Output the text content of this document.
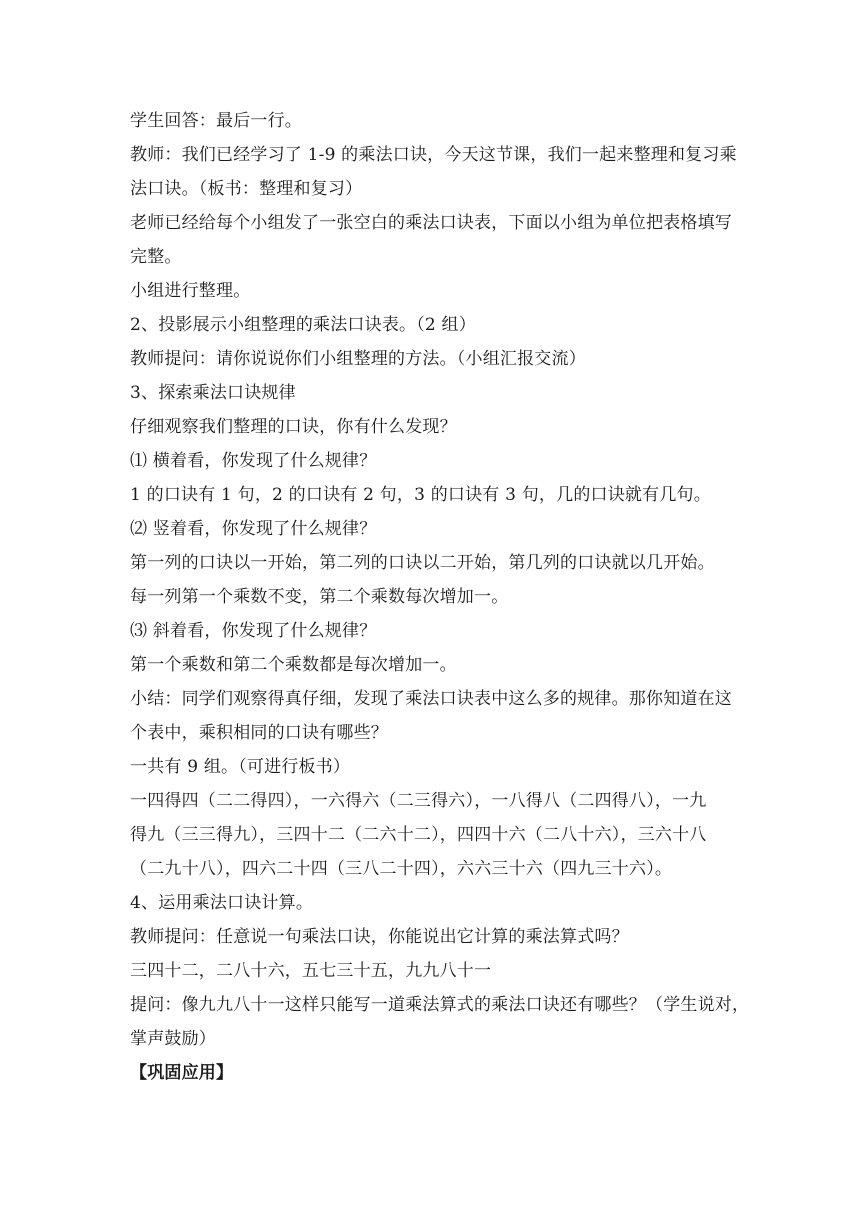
学生回答：最后一行。
教师：我们已经学习了 1-9 的乘法口诀，今天这节课，我们一起来整理和复习乘
法口诀。（板书：整理和复习）
老师已经给每个小组发了一张空白的乘法口诀表，下面以小组为单位把表格填写
完整。
小组进行整理。
2、投影展示小组整理的乘法口诀表。（2 组）
教师提问：请你说说你们小组整理的方法。（小组汇报交流）
3、探索乘法口诀规律
仔细观察我们整理的口诀，你有什么发现？
⑴ 横着看，你发现了什么规律？
1 的口诀有 1 句，2 的口诀有 2 句，3 的口诀有 3 句，几的口诀就有几句。
⑵ 竖着看，你发现了什么规律？
第一列的口诀以一开始，第二列的口诀以二开始，第几列的口诀就以几开始。
每一列第一个乘数不变，第二个乘数每次增加一。
⑶ 斜着看，你发现了什么规律？
第一个乘数和第二个乘数都是每次增加一。
小结：同学们观察得真仔细，发现了乘法口诀表中这么多的规律。那你知道在这
个表中，乘积相同的口诀有哪些？
一共有 9 组。（可进行板书）
一四得四（二二得四），一六得六（二三得六），一八得八（二四得八），一九
得九（三三得九），三四十二（二六十二），四四十六（二八十六），三六十八
（二九十八），四六二十四（三八二十四），六六三十六（四九三十六）。
4、运用乘法口诀计算。
教师提问：任意说一句乘法口诀，你能说出它计算的乘法算式吗？
三四十二，二八十六，五七三十五，九九八十一
提问：像九九八十一这样只能写一道乘法算式的乘法口诀还有哪些？（学生说对，
掌声鼓励）
【巩固应用】
